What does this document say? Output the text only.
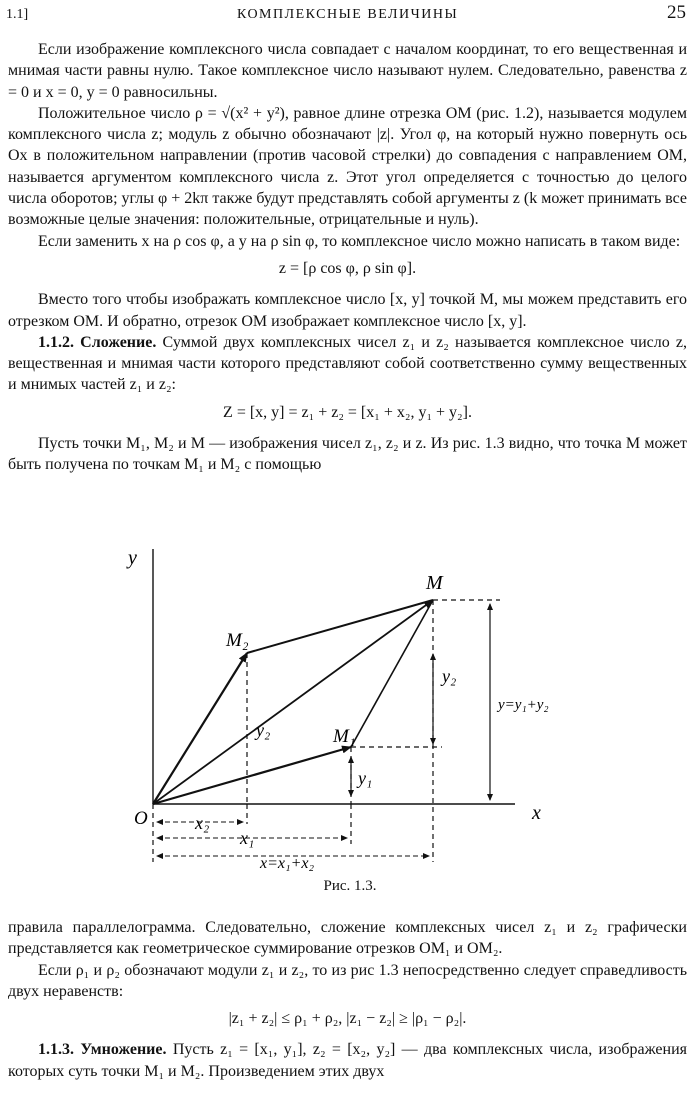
1.1]	КОМПЛЕКСНЫЕ ВЕЛИЧИНЫ	25

Если изображение комплексного числа совпадает с началом координат, то его вещественная и мнимая части равны нулю. Такое комплексное число называют нулем. Следовательно, равенства z = 0 и x = 0, y = 0 равносильны.

Положительное число ρ = √(x² + y²), равное длине отрезка OM (рис. 1.2), называется модулем комплексного числа z; модуль z обычно обозначают |z|. Угол φ, на который нужно повернуть ось Ox в положительном направлении (против часовой стрелки) до совпадения с направлением OM, называется аргументом комплексного числа z. Этот угол определяется с точностью до целого числа оборотов; углы φ + 2kπ также будут представлять собой аргументы z (k может принимать все возможные целые значения: положительные, отрицательные и нуль).

Если заменить x на ρ cos φ, а y на ρ sin φ, то комплексное число можно написать в таком виде:

z = [ρ cos φ, ρ sin φ].

Вместо того чтобы изображать комплексное число [x, y] точкой M, мы можем представить его отрезком OM. И обратно, отрезок OM изображает комплексное число [x, y].

1.1.2. Сложение. Суммой двух комплексных чисел z₁ и z₂ называется комплексное число z, вещественная и мнимая части которого представляют собой соответственно сумму вещественных и мнимых частей z₁ и z₂:

Z = [x, y] = z₁ + z₂ = [x₁ + x₂, y₁ + y₂].

Пусть точки M₁, M₂ и M — изображения чисел z₁, z₂ и z. Из рис. 1.3 видно, что точка M может быть получена по точкам M₁ и M₂ с помощью

y
x
O
M
M₂
M₁
y₂
y₂
y₁
y=y₁+y₂
x₂
x₁
x=x₁+x₂
Рис. 1.3.

правила параллелограмма. Следовательно, сложение комплексных чисел z₁ и z₂ графически представляется как геометрическое суммирование отрезков OM₁ и OM₂.

Если ρ₁ и ρ₂ обозначают модули z₁ и z₂, то из рис 1.3 непосредственно следует справедливость двух неравенств:

|z₁ + z₂| ≤ ρ₁ + ρ₂, |z₁ − z₂| ≥ |ρ₁ − ρ₂|.

1.1.3. Умножение. Пусть z₁ = [x₁, y₁], z₂ = [x₂, y₂] — два комплексных числа, изображения которых суть точки M₁ и M₂. Произведением этих двух
